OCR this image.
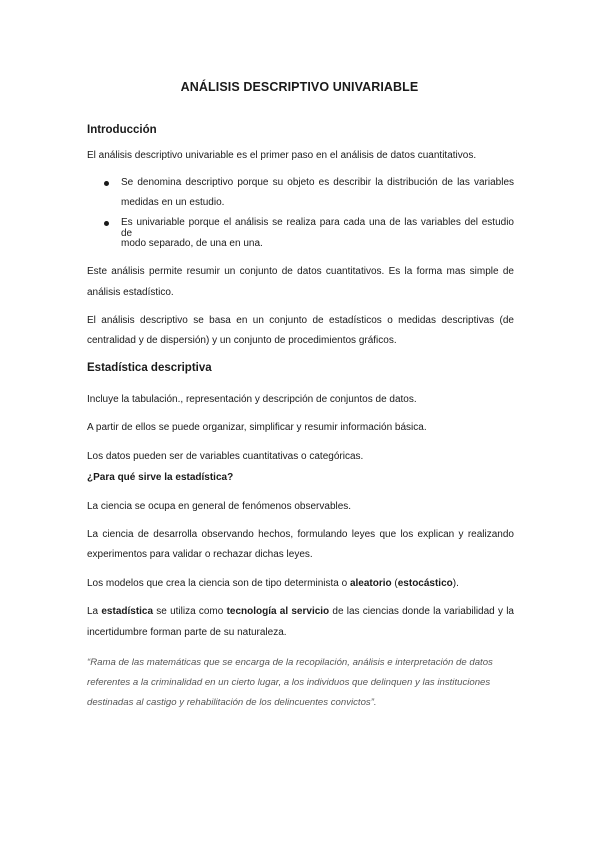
ANÁLISIS DESCRIPTIVO UNIVARIABLE
Introducción
El análisis descriptivo univariable es el primer paso en el análisis de datos cuantitativos.
Se denomina descriptivo porque su objeto es describir la distribución de las variables
medidas en un estudio.
Es univariable porque el análisis se realiza para cada una de las variables del estudio de
modo separado, de una en una.
Este análisis permite resumir un conjunto de datos cuantitativos. Es la forma mas simple de
análisis estadístico.
El análisis descriptivo se basa en un conjunto de estadísticos o medidas descriptivas (de
centralidad y de dispersión) y un conjunto de procedimientos gráficos.
Estadística descriptiva
Incluye la tabulación., representación y descripción de conjuntos de datos.
A partir de ellos se puede organizar, simplificar y resumir información básica.
Los datos pueden ser de variables cuantitativas o categóricas.
¿Para qué sirve la estadística?
La ciencia se ocupa en general de fenómenos observables.
La ciencia de desarrolla observando hechos, formulando leyes que los explican y realizando
experimentos para validar o rechazar dichas leyes.
Los modelos que crea la ciencia son de tipo determinista o aleatorio (estocástico).
La estadística se utiliza como tecnología al servicio de las ciencias donde la variabilidad y la
incertidumbre forman parte de su naturaleza.
“Rama de las matemáticas que se encarga de la recopilación, análisis e interpretación de datos
referentes a la criminalidad en un cierto lugar, a los individuos que delinquen y las instituciones
destinadas al castigo y rehabilitación de los delincuentes convictos”.
